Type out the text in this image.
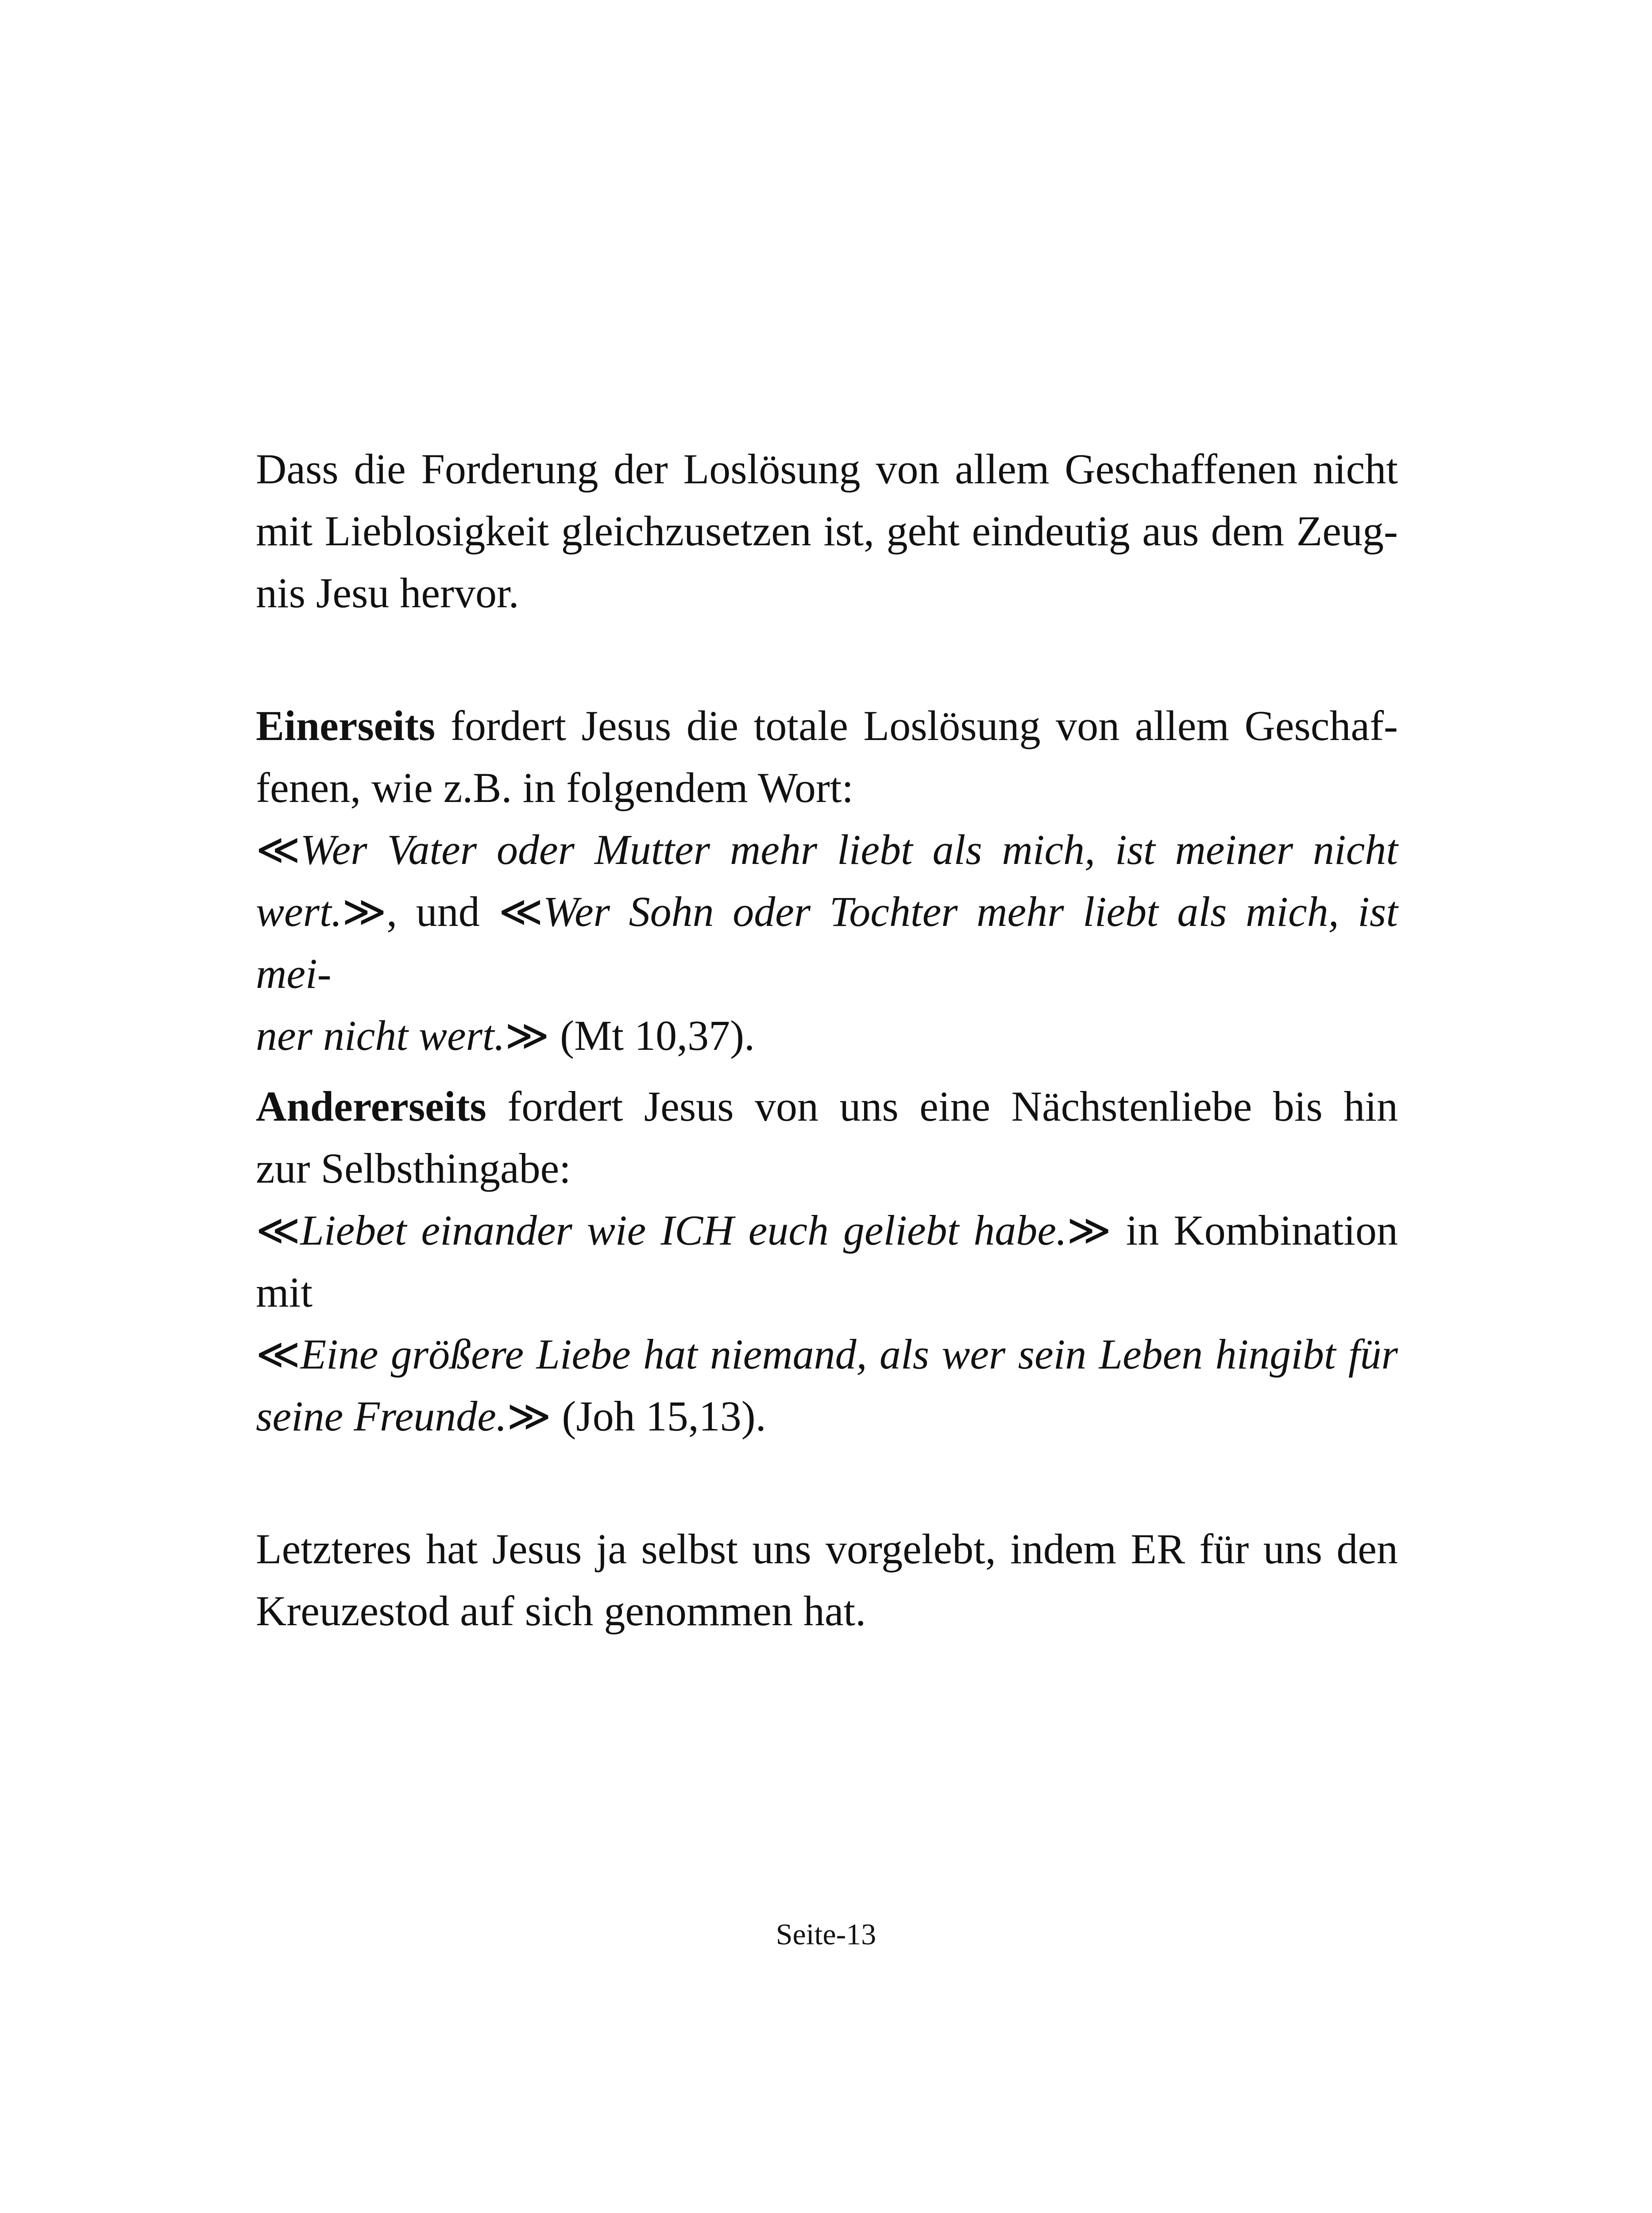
Dass die Forderung der Loslösung von allem Geschaffenen nicht
mit Lieblosigkeit gleichzusetzen ist, geht eindeutig aus dem Zeug-
nis Jesu hervor.
Einerseits fordert Jesus die totale Loslösung von allem Geschaf-
fenen, wie z.B. in folgendem Wort:
≪Wer Vater oder Mutter mehr liebt als mich, ist meiner nicht
wert.≫, und ≪Wer Sohn oder Tochter mehr liebt als mich, ist mei-
ner nicht wert.≫ (Mt 10,37).
Andererseits fordert Jesus von uns eine Nächstenliebe bis hin
zur Selbsthingabe:
≪Liebet einander wie ICH euch geliebt habe.≫ in Kombination
mit
≪Eine größere Liebe hat niemand, als wer sein Leben hingibt für
seine Freunde.≫ (Joh 15,13).
Letzteres hat Jesus ja selbst uns vorgelebt, indem ER für uns den
Kreuzestod auf sich genommen hat.
Seite-13
